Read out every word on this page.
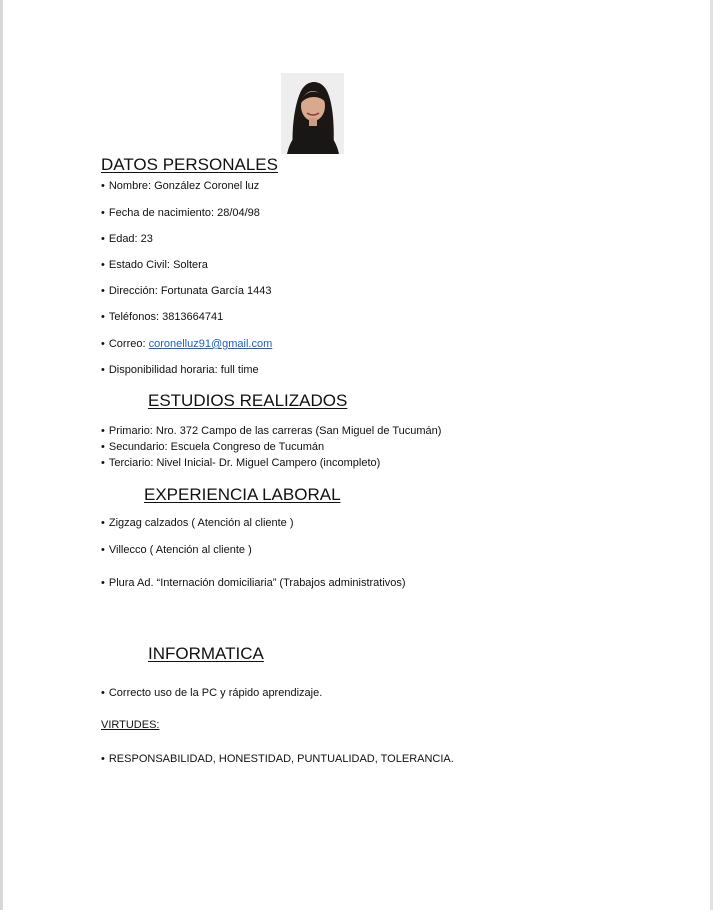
DATOS PERSONALES
• Nombre: González Coronel luz
• Fecha de nacimiento: 28/04/98
• Edad: 23
• Estado Civil: Soltera
• Dirección: Fortunata García 1443
• Teléfonos: 3813664741
• Correo: coronelluz91@gmail.com
• Disponibilidad horaria: full time
ESTUDIOS REALIZADOS
• Primario: Nro. 372 Campo de las carreras (San Miguel de Tucumán)
• Secundario: Escuela Congreso de Tucumán
• Terciario: Nivel Inicial- Dr. Miguel Campero (incompleto)
EXPERIENCIA LABORAL
• Zigzag calzados ( Atención al cliente )
• Villecco ( Atención al cliente )
• Plura Ad. “Internación domiciliaria” (Trabajos administrativos)
INFORMATICA
• Correcto uso de la PC y rápido aprendizaje.
VIRTUDES:
• RESPONSABILIDAD, HONESTIDAD, PUNTUALIDAD, TOLERANCIA.
